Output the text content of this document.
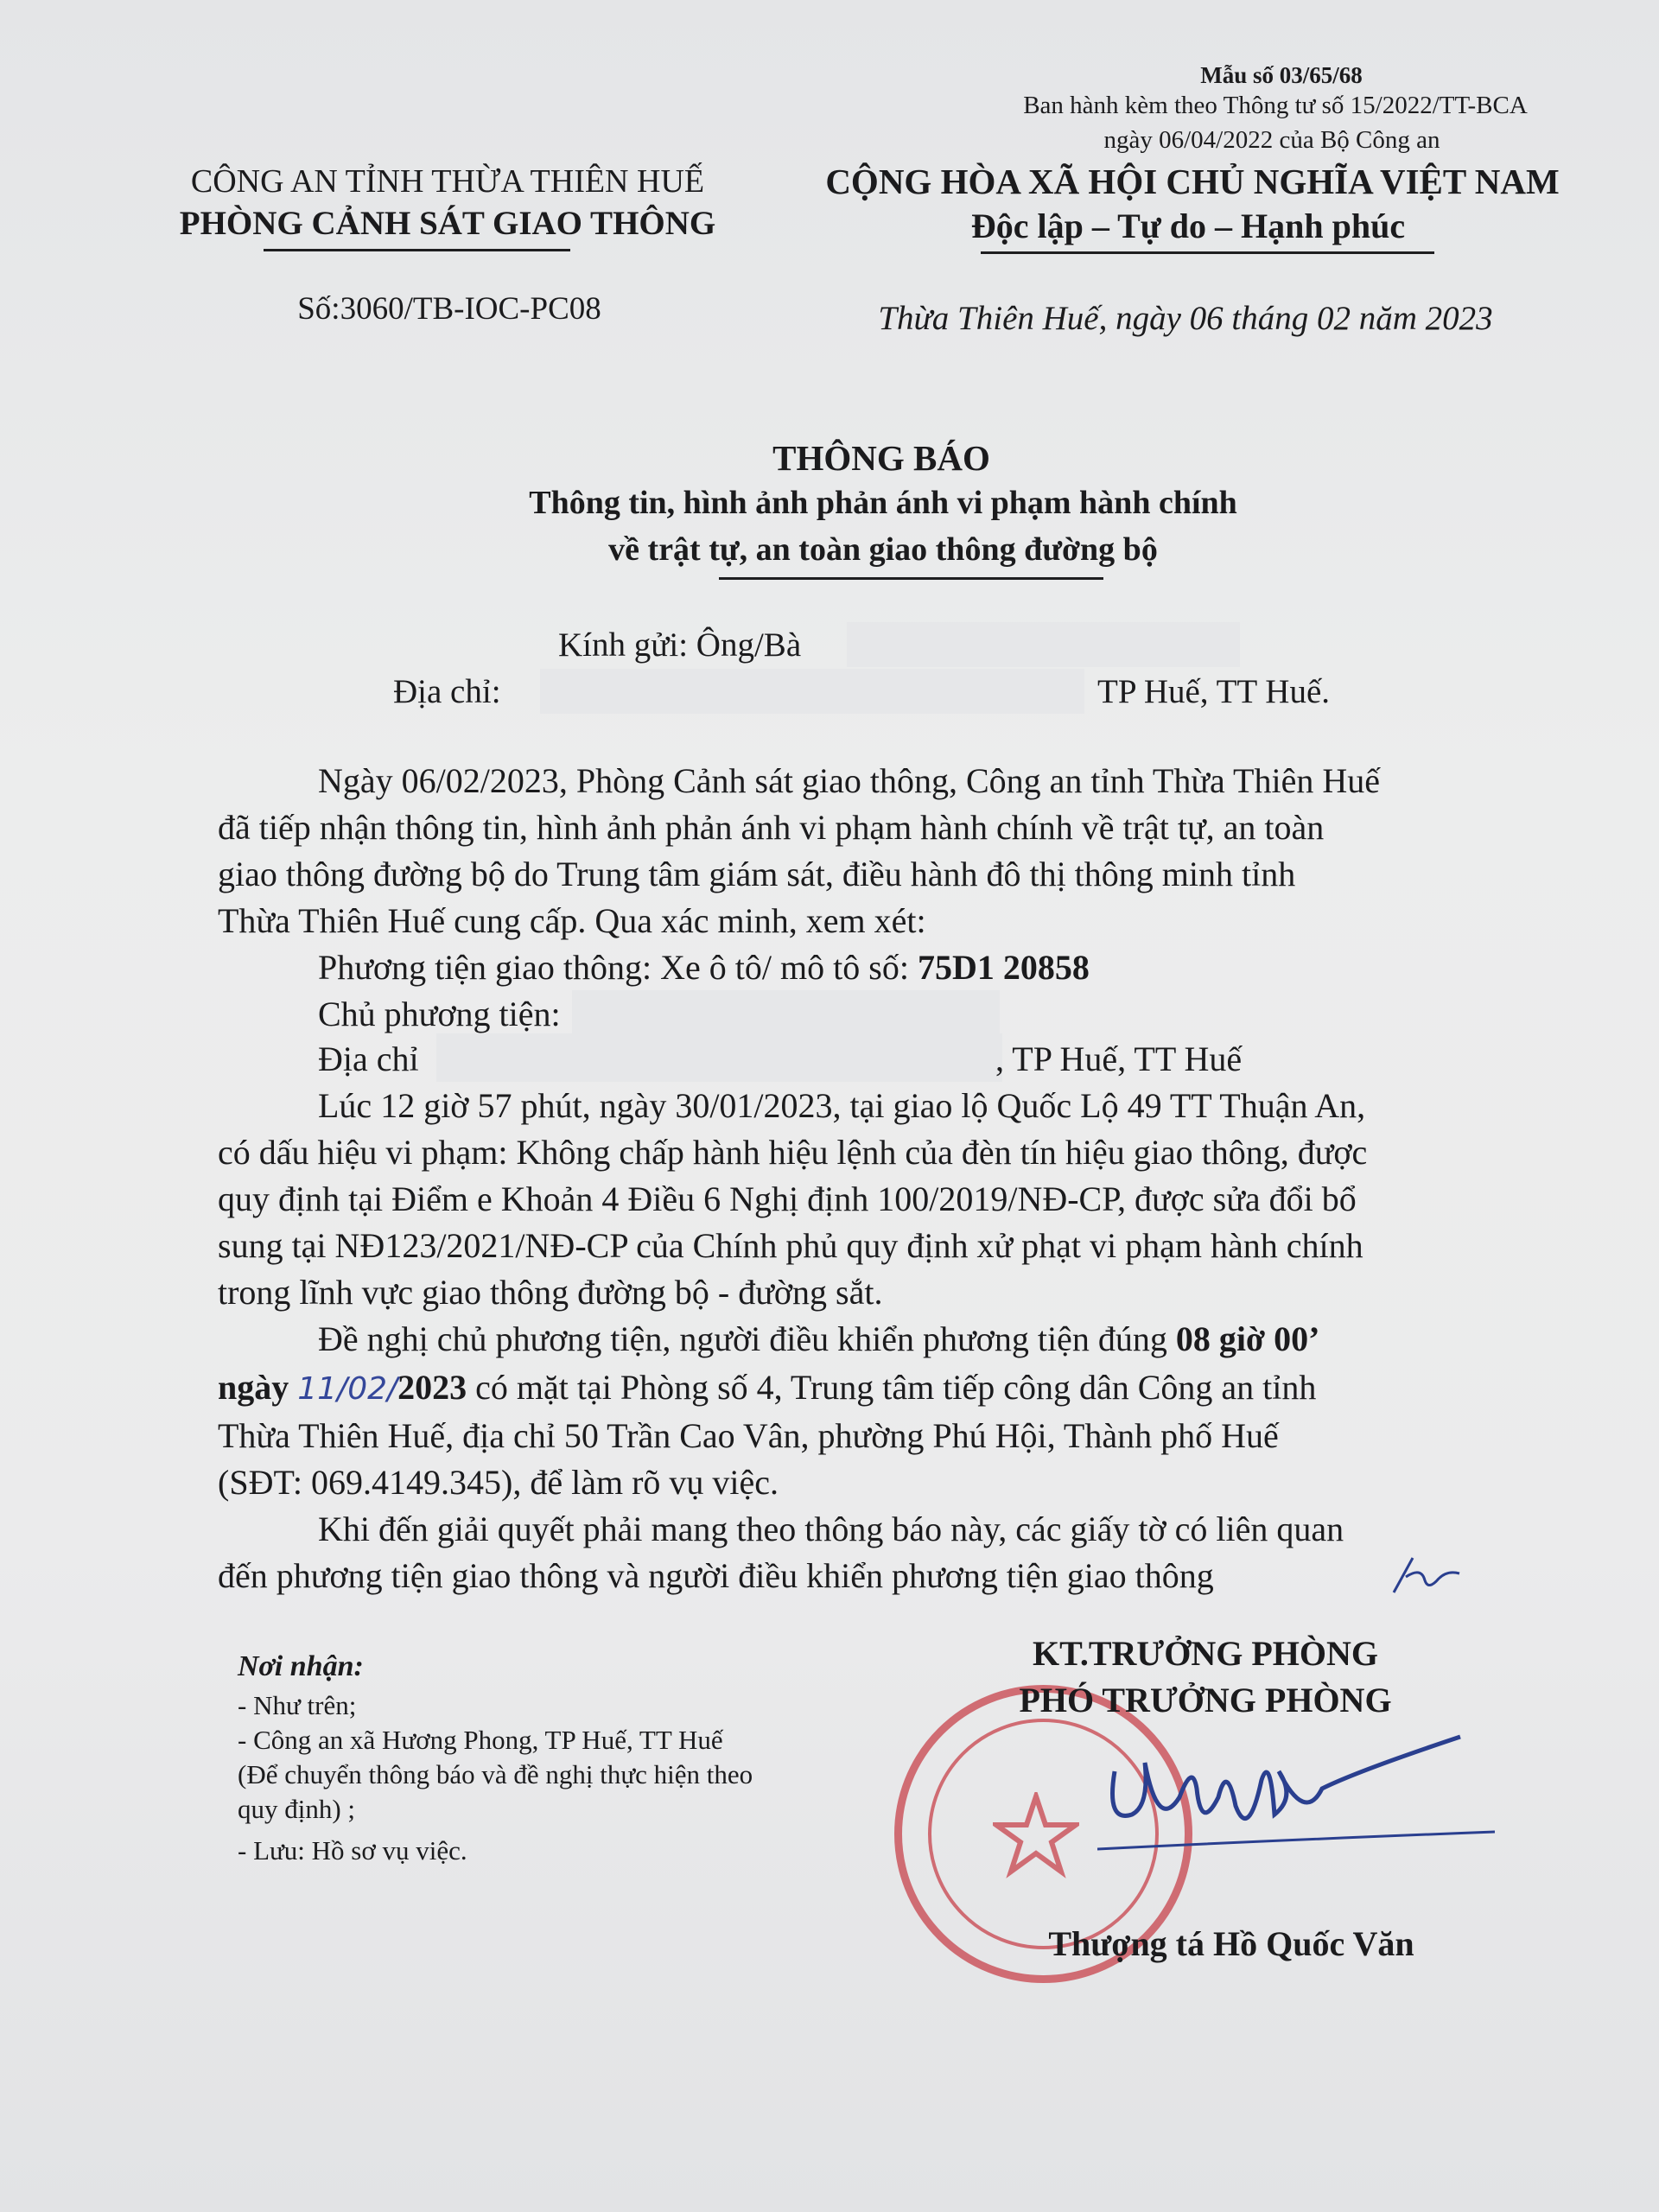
Mẫu số 03/65/68
Ban hành kèm theo Thông tư số 15/2022/TT-BCA
ngày 06/04/2022 của Bộ Công an
CÔNG AN TỈNH THỪA THIÊN HUẾ
PHÒNG CẢNH SÁT GIAO THÔNG
Số:3060/TB-IOC-PC08
CỘNG HÒA XÃ HỘI CHỦ NGHĨA VIỆT NAM
Độc lập – Tự do – Hạnh phúc
Thừa Thiên Huế, ngày 06 tháng 02 năm 2023
THÔNG BÁO
Thông tin, hình ảnh phản ánh vi phạm hành chính
về trật tự, an toàn giao thông đường bộ
Kính gửi: Ông/Bà
Địa chỉ:	TP Huế, TT Huế.
Ngày 06/02/2023, Phòng Cảnh sát giao thông, Công an tỉnh Thừa Thiên Huế
đã tiếp nhận thông tin, hình ảnh phản ánh vi phạm hành chính về trật tự, an toàn
giao thông đường bộ do Trung tâm giám sát, điều hành đô thị thông minh tỉnh
Thừa Thiên Huế cung cấp. Qua xác minh, xem xét:
Phương tiện giao thông: Xe ô tô/ mô tô số: 75D1 20858
Chủ phương tiện:
Địa chỉ	, TP Huế, TT Huế
Lúc 12 giờ 57 phút, ngày 30/01/2023, tại giao lộ Quốc Lộ 49 TT Thuận An,
có dấu hiệu vi phạm: Không chấp hành hiệu lệnh của đèn tín hiệu giao thông, được
quy định tại Điểm e Khoản 4 Điều 6 Nghị định 100/2019/NĐ-CP, được sửa đổi bổ
sung tại NĐ123/2021/NĐ-CP của Chính phủ quy định xử phạt vi phạm hành chính
trong lĩnh vực giao thông đường bộ - đường sắt.
Đề nghị chủ phương tiện, người điều khiển phương tiện đúng 08 giờ 00’
ngày 11/02/2023 có mặt tại Phòng số 4, Trung tâm tiếp công dân Công an tỉnh
Thừa Thiên Huế, địa chỉ 50 Trần Cao Vân, phường Phú Hội, Thành phố Huế
(SĐT: 069.4149.345), để làm rõ vụ việc.
Khi đến giải quyết phải mang theo thông báo này, các giấy tờ có liên quan
đến phương tiện giao thông và người điều khiển phương tiện giao thông
Nơi nhận:
- Như trên;
- Công an xã Hương Phong, TP Huế, TT Huế
(Để chuyển thông báo và đề nghị thực hiện theo
quy định) ;
- Lưu: Hồ sơ vụ việc.
KT.TRƯỞNG PHÒNG
PHÓ TRƯỞNG PHÒNG
Thượng tá Hồ Quốc Văn
